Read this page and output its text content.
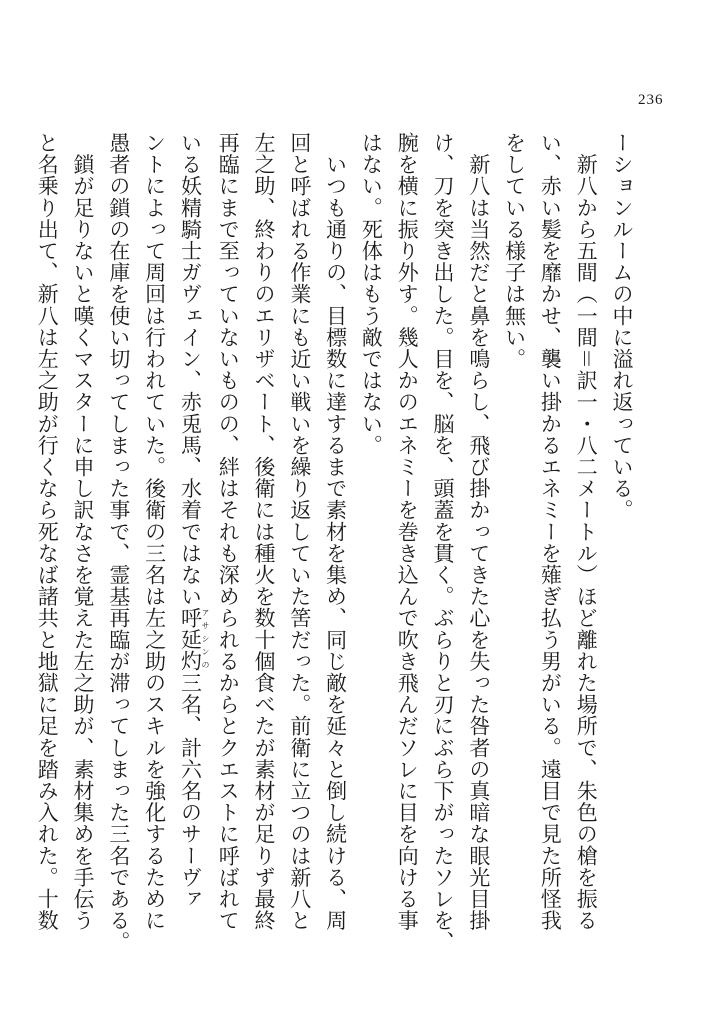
236

ーションルームの中に溢れ返っている。

　新八から五間（一間＝訳一・八二メートル）ほど離れた場所で、朱色の槍を振る

い、赤い髪を靡かせ、襲い掛かるエネミーを薙ぎ払う男がいる。遠目で見た所怪我

をしている様子は無い。

　新八は当然だと鼻を鳴らし、飛び掛かってきた心を失った咎者の真暗な眼光目掛

け、刀を突き出した。目を、脳を、頭蓋を貫く。ぶらりと刃にぶら下がったソレを、

腕を横に振り外す。幾人かのエネミーを巻き込んで吹き飛んだソレに目を向ける事

はない。死体はもう敵ではない。

　いつも通りの、目標数に達するまで素材を集め、同じ敵を延々と倒し続ける、周

回と呼ばれる作業にも近い戦いを繰り返していた筈だった。前衛に立つのは新八と

左之助、終わりのエリザベート、後衛には種火を数十個食べたが素材が足りず最終

再臨にまで至っていないものの、絆はそれも深められるからとクエストに呼ばれて

いる妖精騎士ガヴェイン、赤兎馬、水着ではない呼延灼アサシンの三名、計六名のサーヴァ

ントによって周回は行われていた。後衛の三名は左之助のスキルを強化するために

愚者の鎖の在庫を使い切ってしまった事で、霊基再臨が滞ってしまった三名である。

　鎖が足りないと嘆くマスターに申し訳なさを覚えた左之助が、素材集めを手伝う

と名乗り出て、新八は左之助が行くなら死なば諸共と地獄に足を踏み入れた。十数
